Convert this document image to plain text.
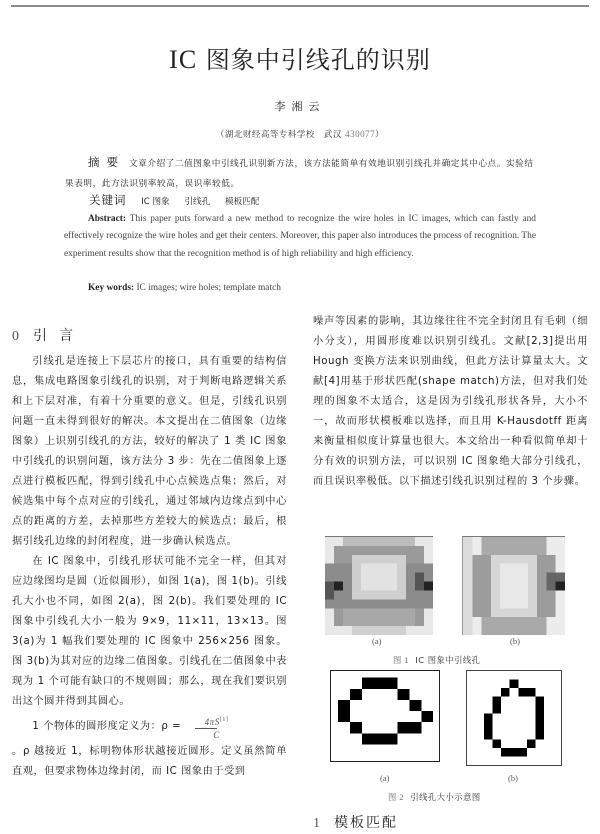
IC 图象中引线孔的识别
李湘云
（湖北财经高等专科学校　武汉 430077）
摘要 文章介绍了二值图象中引线孔识别新方法，该方法能简单有效地识别引线孔并确定其中心点。实验结果表明，此方法识别率较高，误识率较低。
关键词 IC 图象 引线孔 模板匹配
Abstract: This paper puts forward a new method to recognize the wire holes in IC images, which can fastly and effectively recognize the wire holes and get their centers. Moreover, this paper also introduces the process of recognition. The experiment results show that the recognition method is of high reliability and high efficiency.
Key words: IC images; wire holes; template match
0 引言

引线孔是连接上下层芯片的接口，具有重要的结构信息，集成电路图象引线孔的识别，对于判断电路逻辑关系和上下层对准，有着十分重要的意义。但是，引线孔识别问题一直未得到很好的解决。本文提出在二值图象（边缘图象）上识别引线孔的方法，较好的解决了 1 类 IC 图象中引线孔的识别问题，该方法分 3 步：先在二值图象上逐点进行模板匹配，得到引线孔中心点候选点集；然后，对候选集中每个点对应的引线孔，通过邻域内边缘点到中心点的距离的方差，去掉那些方差较大的候选点；最后，根据引线孔边缘的封闭程度，进一步确认候选点。

在 IC 图象中，引线孔形状可能不完全一样，但其对应边缘图均是圆（近似圆形），如图 1(a)，图 1(b)。引线孔大小也不同，如图 2(a)，图 2(b)。我们要处理的 IC 图象中引线孔大小一般为 9×9，11×11，13×13。图 3(a)为 1 幅我们要处理的 IC 图象中 256×256 图象。图 3(b)为其对应的边缘二值图象。引线孔在二值图象中表现为 1 个可能有缺口的不规则圆；那么，现在我们要识别出这个圆并得到其圆心。

1 个物体的圆形度定义为：$\rho = \frac{4\pi S^{[1]}}{C}$

。ρ 越接近 1，标明物体形状越接近圆形。定义虽然简单直观，但要求物体边缘封闭，而 IC 图象由于受到

噪声等因素的影响，其边缘往往不完全封闭且有毛刺（细小分支），用圆形度难以识别引线孔。文献[2,3]提出用 Hough 变换方法来识别曲线，但此方法计算量太大。文献[4]用基于形状匹配(shape match)方法，但对我们处理的图象不太适合，这是因为引线孔形状各异，大小不一，故而形状模板难以选择，而且用 K-Hausdotff 距离来衡量相似度计算量也很大。本文给出一种看似简单却十分有效的识别方法，可以识别 IC 图象绝大部分引线孔，而且误识率极低。以下描述引线孔识别过程的 3 个步骤。

(a)	(b)
图 1 IC 图象中引线孔
(a)	(b)
图 2 引线孔大小示意图
1 模板匹配
